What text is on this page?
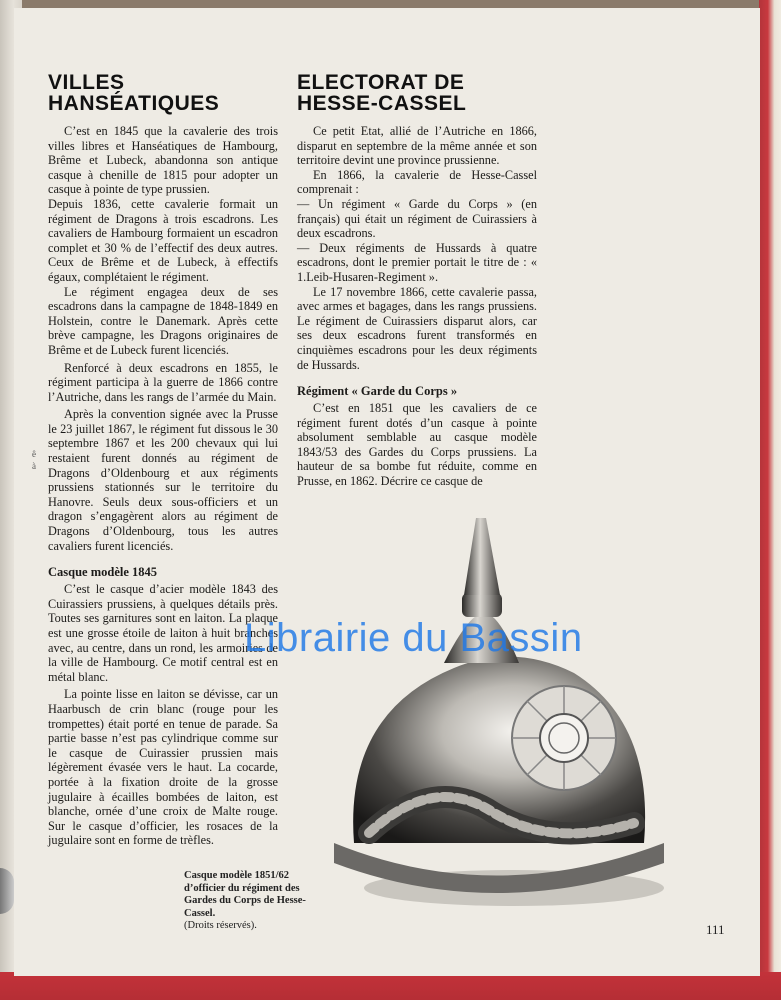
ê
à
VILLES
HANSÉATIQUES

C’est en 1845 que la cavalerie des trois villes libres et Hanséatiques de Hambourg, Brême et Lubeck, abandonna son antique casque à chenille de 1815 pour adopter un casque à pointe de type prussien.

Depuis 1836, cette cavalerie formait un régiment de Dragons à trois escadrons. Les cavaliers de Hambourg formaient un escadron complet et 30 % de l’effectif des deux autres. Ceux de Brême et de Lubeck, à effectifs égaux, complétaient le régiment.

Le régiment engagea deux de ses escadrons dans la campagne de 1848-1849 en Holstein, contre le Danemark. Après cette brève campagne, les Dragons originaires de Brême et de Lubeck furent licenciés.

Renforcé à deux escadrons en 1855, le régiment participa à la guerre de 1866 contre l’Autriche, dans les rangs de l’armée du Main.

Après la convention signée avec la Prusse le 23 juillet 1867, le régiment fut dissous le 30 septembre 1867 et les 200 chevaux qui lui restaient furent donnés au régiment de Dragons d’Oldenbourg et aux régiments prussiens stationnés sur le territoire du Hanovre. Seuls deux sous-officiers et un dragon s’engagèrent alors au régiment de Dragons d’Oldenbourg, tous les autres cavaliers furent licenciés.

Casque modèle 1845

C’est le casque d’acier modèle 1843 des Cuirassiers prussiens, à quelques détails près. Toutes ses garnitures sont en laiton. La plaque est une grosse étoile de laiton à huit branches avec, au centre, dans un rond, les armoiries de la ville de Hambourg. Ce motif central est en métal blanc.

La pointe lisse en laiton se dévisse, car un Haarbusch de crin blanc (rouge pour les trompettes) était porté en tenue de parade. Sa partie basse n’est pas cylindrique comme sur le casque de Cuirassier prussien mais légèrement évasée vers le haut. La cocarde, portée à la fixation droite de la grosse jugulaire à écailles bombées de laiton, est blanche, ornée d’une croix de Malte rouge. Sur le casque d’officier, les rosaces de la jugulaire sont en forme de trèfles.

ELECTORAT DE
HESSE-CASSEL

Ce petit Etat, allié de l’Autriche en 1866, disparut en septembre de la même année et son territoire devint une province prussienne.

En 1866, la cavalerie de Hesse-Cassel comprenait :

— Un régiment « Garde du Corps » (en français) qui était un régiment de Cuirassiers à deux escadrons.

— Deux régiments de Hussards à quatre escadrons, dont le premier portait le titre de : « 1.Leib-Husaren-Regiment ».

Le 17 novembre 1866, cette cavalerie passa, avec armes et bagages, dans les rangs prussiens. Le régiment de Cuirassiers disparut alors, car ses deux escadrons furent transformés en cinquièmes escadrons pour les deux régiments de Hussards.

Régiment « Garde du Corps »

C’est en 1851 que les cavaliers de ce régiment furent dotés d’un casque à pointe absolument semblable au casque modèle 1843/53 des Gardes du Corps prussiens. La hauteur de sa bombe fut réduite, comme en Prusse, en 1862. Décrire ce casque de

Casque modèle 1851/62 d’officier du régiment des Gardes du Corps de Hesse-Cassel.
(Droits réservés).	111
Librairie du Bassin
